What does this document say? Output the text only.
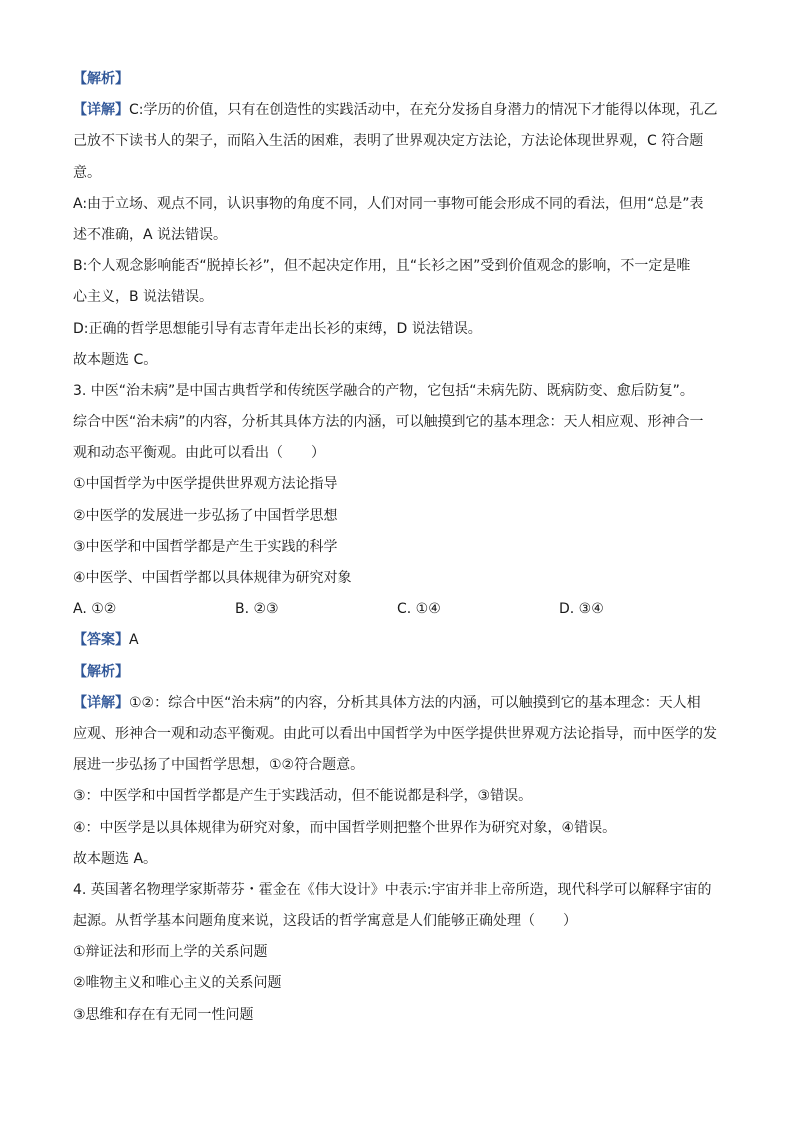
【解析】
【详解】C:学历的价值，只有在创造性的实践活动中，在充分发扬自身潜力的情况下才能得以体现，孔乙
己放不下读书人的架子，而陷入生活的困难，表明了世界观决定方法论，方法论体现世界观，C 符合题
意。
A:由于立场、观点不同，认识事物的角度不同，人们对同一事物可能会形成不同的看法，但用“总是”表
述不准确，A 说法错误。
B:个人观念影响能否“脱掉长衫”，但不起决定作用，且“长衫之困”受到价值观念的影响，不一定是唯
心主义，B 说法错误。
D:正确的哲学思想能引导有志青年走出长衫的束缚，D 说法错误。
故本题选 C。
3. 中医“治未病”是中国古典哲学和传统医学融合的产物，它包括“未病先防、既病防变、愈后防复”。
综合中医“治未病”的内容，分析其具体方法的内涵，可以触摸到它的基本理念：天人相应观、形神合一
观和动态平衡观。由此可以看出（　　）
①中国哲学为中医学提供世界观方法论指导
②中医学的发展进一步弘扬了中国哲学思想
③中医学和中国哲学都是产生于实践的科学
④中医学、中国哲学都以具体规律为研究对象
A. ①②	B. ②③	C. ①④	D. ③④
【答案】A
【解析】
【详解】①②：综合中医“治未病”的内容，分析其具体方法的内涵，可以触摸到它的基本理念：天人相
应观、形神合一观和动态平衡观。由此可以看出中国哲学为中医学提供世界观方法论指导，而中医学的发
展进一步弘扬了中国哲学思想，①②符合题意。
③：中医学和中国哲学都是产生于实践活动，但不能说都是科学，③错误。
④：中医学是以具体规律为研究对象，而中国哲学则把整个世界作为研究对象，④错误。
故本题选 A。
4. 英国著名物理学家斯蒂芬・霍金在《伟大设计》中表示:宇宙并非上帝所造，现代科学可以解释宇宙的
起源。从哲学基本问题角度来说，这段话的哲学寓意是人们能够正确处理（　　）
①辩证法和形而上学的关系问题
②唯物主义和唯心主义的关系问题
③思维和存在有无同一性问题
